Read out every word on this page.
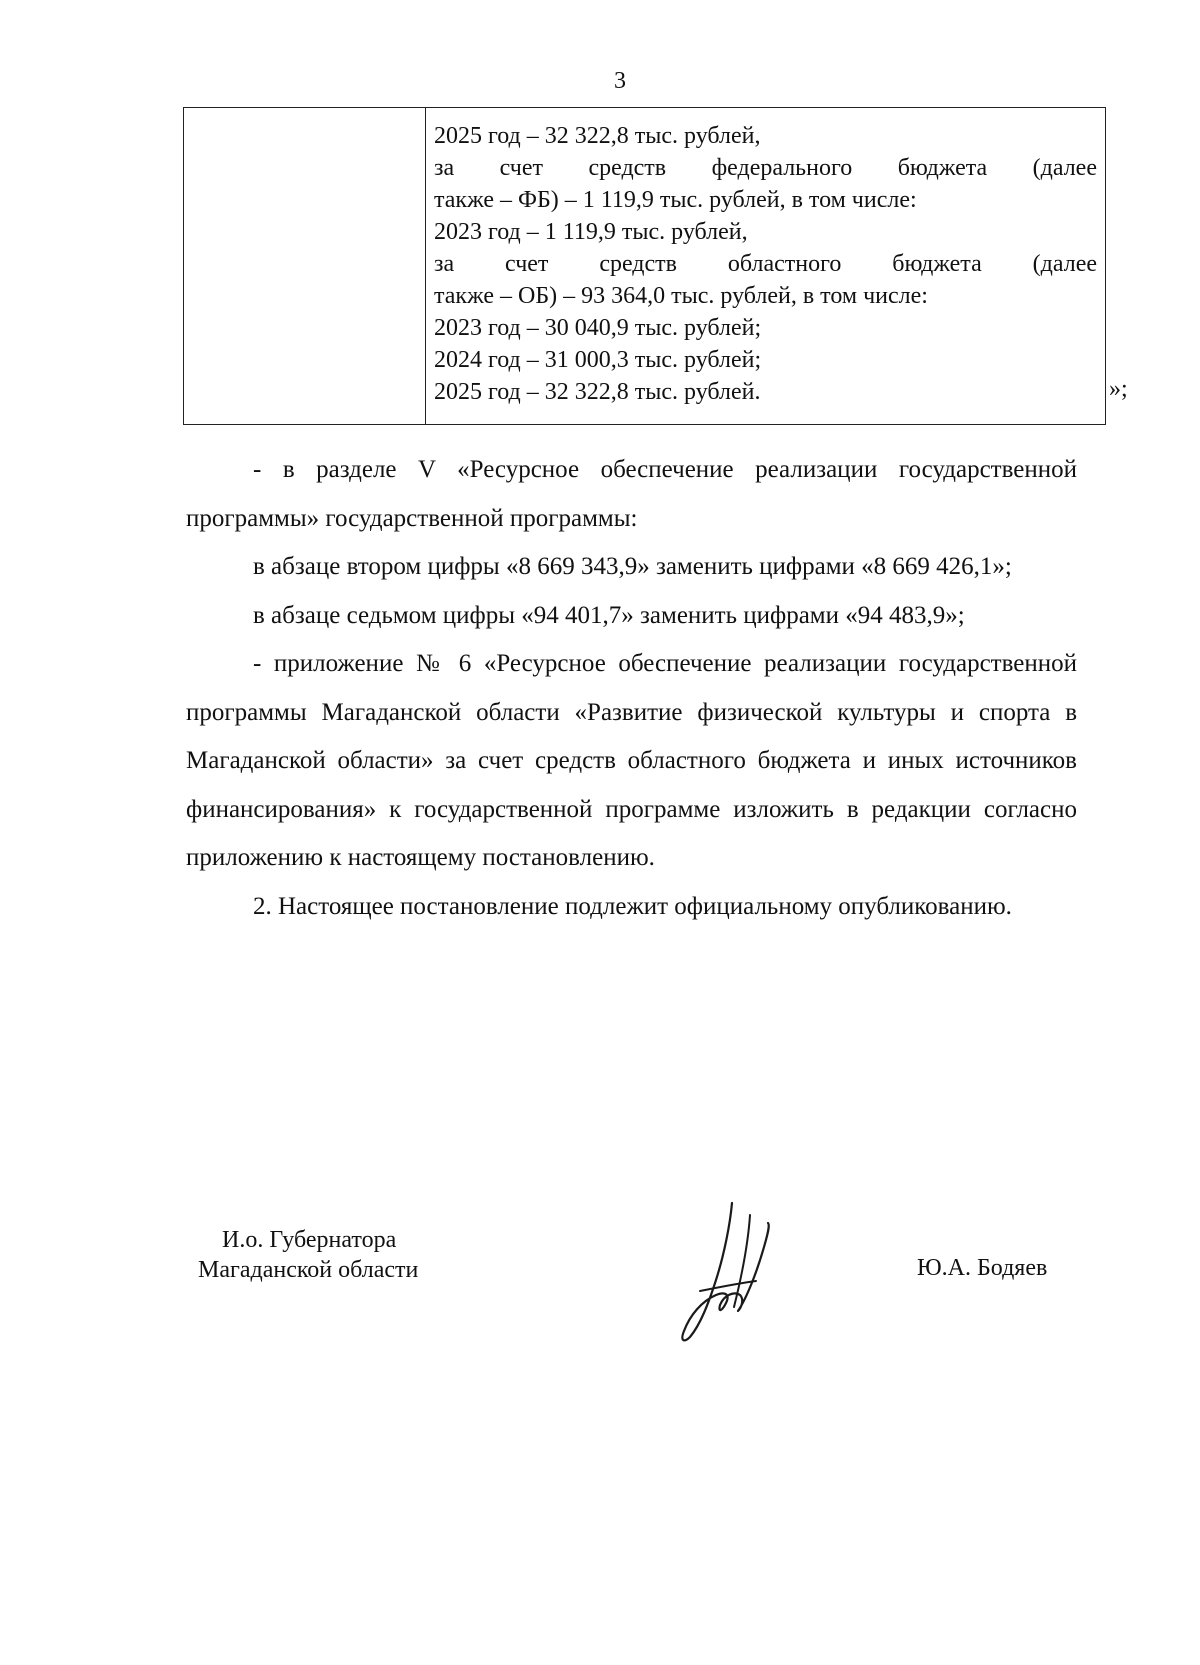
3

2025 год – 32 322,8 тыс. рублей,
за счет средств федерального бюджета (далее
также – ФБ) – 1 119,9 тыс. рублей, в том числе:
2023 год – 1 119,9 тыс. рублей,
за счет средств областного бюджета (далее
также – ОБ) – 93 364,0 тыс. рублей, в том числе:
2023 год – 30 040,9 тыс. рублей;
2024 год – 31 000,3 тыс. рублей;
2025 год – 32 322,8 тыс. рублей.	»;

- в разделе V «Ресурсное обеспечение реализации государственной программы» государственной программы:

в абзаце втором цифры «8 669 343,9» заменить цифрами «8 669 426,1»;

в абзаце седьмом цифры «94 401,7» заменить цифрами «94 483,9»;

- приложение № 6 «Ресурсное обеспечение реализации государственной программы Магаданской области «Развитие физической культуры и спорта в Магаданской области» за счет средств областного бюджета и иных источников финансирования» к государственной программе изложить в редакции согласно приложению к настоящему постановлению.

2. Настоящее постановление подлежит официальному опубликованию.

И.о. Губернатора
Магаданской области	Ю.А. Бодяев
